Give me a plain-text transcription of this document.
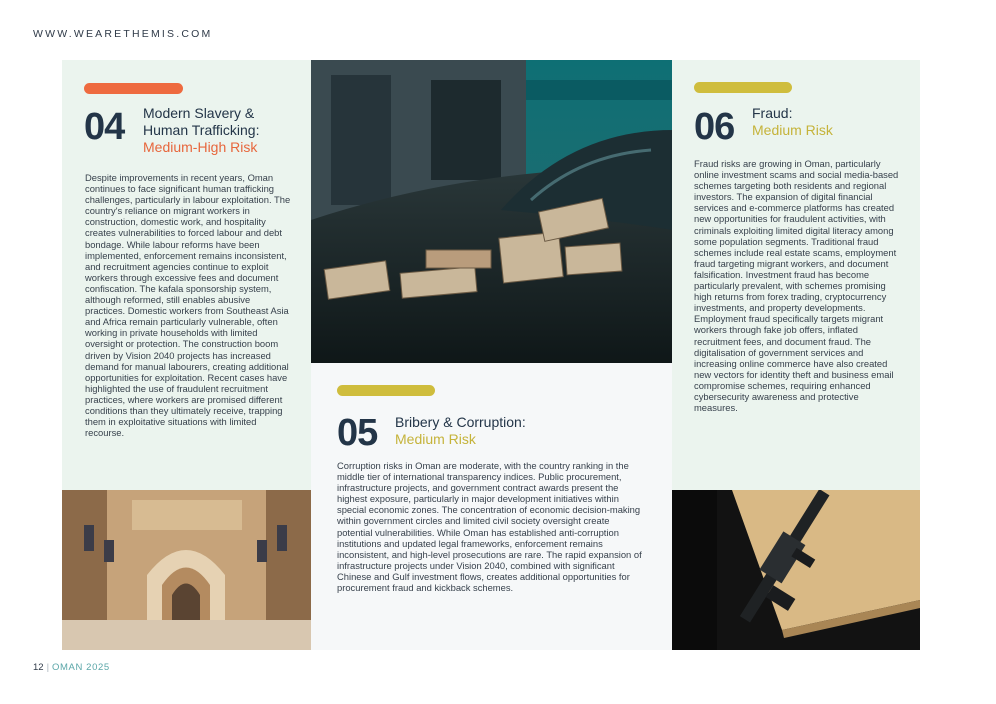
WWW.WEARETHEMIS.COM
04 Modern Slavery &
Human Trafficking:
Medium-High Risk
Despite improvements in recent years, Oman continues to face significant human trafficking challenges, particularly in labour exploitation. The country's reliance on migrant workers in construction, domestic work, and hospitality creates vulnerabilities to forced labour and debt bondage. While labour reforms have been implemented, enforcement remains inconsistent, and recruitment agencies continue to exploit workers through excessive fees and document confiscation. The kafala sponsorship system, although reformed, still enables abusive practices. Domestic workers from Southeast Asia and Africa remain particularly vulnerable, often working in private households with limited oversight or protection. The construction boom driven by Vision 2040 projects has increased demand for manual labourers, creating additional opportunities for exploitation. Recent cases have highlighted the use of fraudulent recruitment practices, where workers are promised different conditions than they ultimately receive, trapping them in exploitative situations with limited recourse.	05 Bribery & Corruption:
Medium Risk
Corruption risks in Oman are moderate, with the country ranking in the middle tier of international transparency indices. Public procurement, infrastructure projects, and government contract awards present the highest exposure, particularly in major development initiatives within special economic zones. The concentration of economic decision-making within government circles and limited civil society oversight create potential vulnerabilities. While Oman has established anti-corruption institutions and updated legal frameworks, enforcement remains inconsistent, and high-level prosecutions are rare. The rapid expansion of infrastructure projects under Vision 2040, combined with significant Chinese and Gulf investment flows, creates additional opportunities for procurement fraud and kickback schemes.
06 Fraud:
Medium Risk
Fraud risks are growing in Oman, particularly online investment scams and social media-based schemes targeting both residents and regional investors. The expansion of digital financial services and e-commerce platforms has created new opportunities for fraudulent activities, with criminals exploiting limited digital literacy among some population segments. Traditional fraud schemes include real estate scams, employment fraud targeting migrant workers, and document falsification. Investment fraud has become particularly prevalent, with schemes promising high returns from forex trading, cryptocurrency investments, and property developments. Employment fraud specifically targets migrant workers through fake job offers, inflated recruitment fees, and document fraud. The digitalisation of government services and increasing online commerce have also created new vectors for identity theft and business email compromise schemes, requiring enhanced cybersecurity awareness and protective measures.
12 | OMAN 2025
